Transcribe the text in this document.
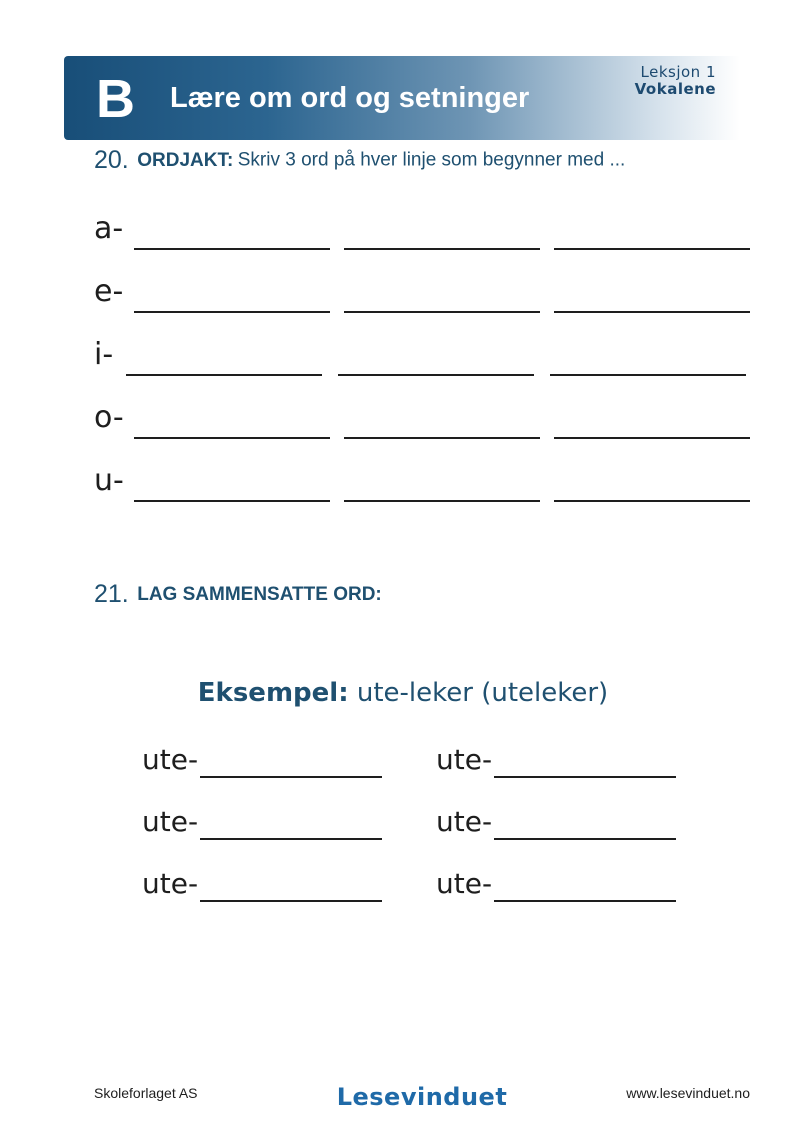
B Lære om ord og setninger
Leksjon 1
Vokalene
20. ORDJAKT: Skriv 3 ord på hver linje som begynner med ...
a-
e-
i-
o-
u-
21. LAG SAMMENSATTE ORD:
Eksempel: ute-leker (uteleker)
ute-	ute-
ute-	ute-
ute-	ute-
Skoleforlaget AS	Lesevinduet	www.lesevinduet.no
